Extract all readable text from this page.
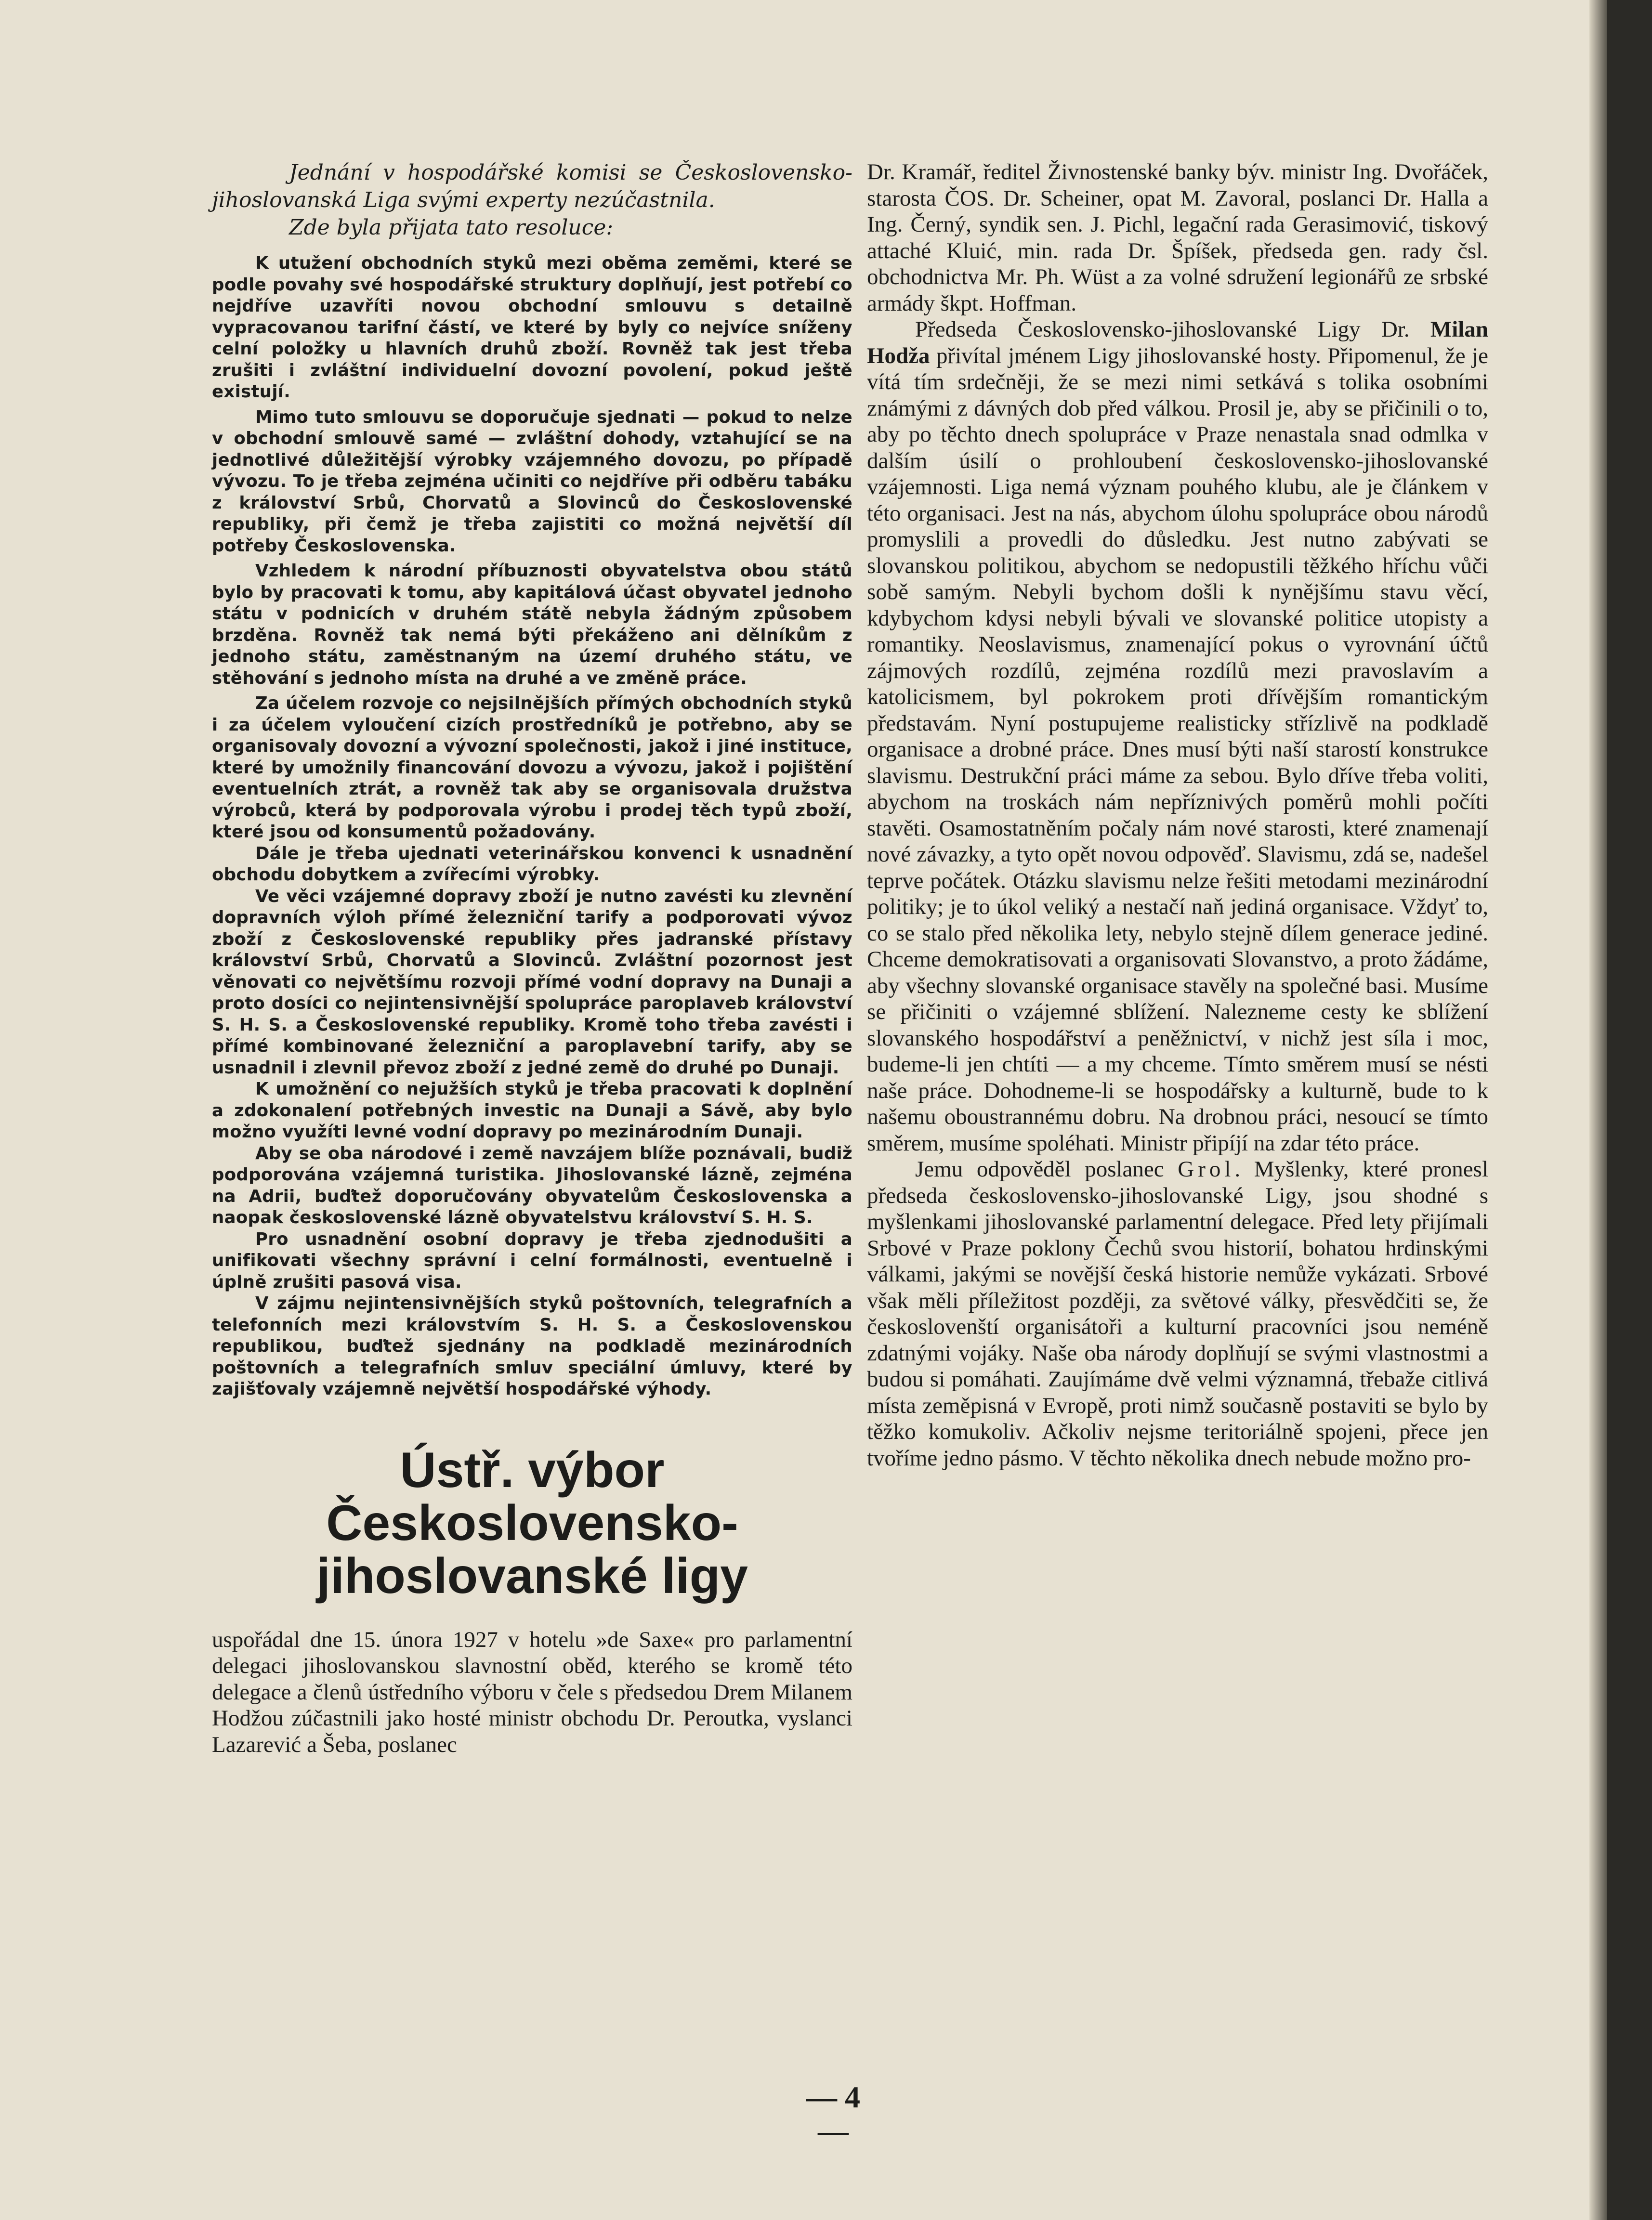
Jednání v hospodářské komisi se Československo-jihoslovanská Liga svými experty nezúčastnila.

Zde byla přijata tato resoluce:

K utužení obchodních styků mezi oběma zeměmi, které se podle povahy své hospodářské struktury doplňují, jest potřebí co nejdříve uzavříti novou obchodní smlouvu s detailně vypracovanou tarifní částí, ve které by byly co nejvíce sníženy celní položky u hlavních druhů zboží. Rovněž tak jest třeba zrušiti i zvláštní individuelní dovozní povolení, pokud ještě existují.

Mimo tuto smlouvu se doporučuje sjednati — pokud to nelze v obchodní smlouvě samé — zvláštní dohody, vztahující se na jednotlivé důležitější výrobky vzájemného dovozu, po případě vývozu. To je třeba zejména učiniti co nejdříve při odběru tabáku z království Srbů, Chorvatů a Slovinců do Československé republiky, při čemž je třeba zajistiti co možná největší díl potřeby Československa.

Vzhledem k národní příbuznosti obyvatelstva obou států bylo by pracovati k tomu, aby kapitálová účast obyvatel jednoho státu v podnicích v druhém státě nebyla žádným způsobem brzděna. Rovněž tak nemá býti překáženo ani dělníkům z jednoho státu, zaměstnaným na území druhého státu, ve stěhování s jednoho místa na druhé a ve změně práce.

Za účelem rozvoje co nejsilnějších přímých obchodních styků i za účelem vyloučení cizích prostředníků je potřebno, aby se organisovaly dovozní a vývozní společnosti, jakož i jiné instituce, které by umožnily financování dovozu a vývozu, jakož i pojištění eventuelních ztrát, a rovněž tak aby se organisovala družstva výrobců, která by podporovala výrobu i prodej těch typů zboží, které jsou od konsumentů požadovány.

Dále je třeba ujednati veterinářskou konvenci k usnadnění obchodu dobytkem a zvířecími výrobky.

Ve věci vzájemné dopravy zboží je nutno zavésti ku zlevnění dopravních výloh přímé železniční tarify a podporovati vývoz zboží z Československé republiky přes jadranské přístavy království Srbů, Chorvatů a Slovinců. Zvláštní pozornost jest věnovati co největšímu rozvoji přímé vodní dopravy na Dunaji a proto dosíci co nejintensivnější spolupráce paroplaveb království S. H. S. a Československé republiky. Kromě toho třeba zavésti i přímé kombinované železniční a paroplavební tarify, aby se usnadnil i zlevnil převoz zboží z jedné země do druhé po Dunaji.

K umožnění co nejužších styků je třeba pracovati k doplnění a zdokonalení potřebných investic na Dunaji a Sávě, aby bylo možno využíti levné vodní dopravy po mezinárodním Dunaji.

Aby se oba národové i země navzájem blíže poznávali, budiž podporována vzájemná turistika. Jihoslovanské lázně, zejména na Adrii, buďtež doporučovány obyvatelům Československa a naopak československé lázně obyvatelstvu království S. H. S.

Pro usnadnění osobní dopravy je třeba zjednodušiti a unifikovati všechny správní i celní formálnosti, eventuelně i úplně zrušiti pasová visa.

V zájmu nejintensivnějších styků poštovních, telegrafních a telefonních mezi královstvím S. H. S. a Československou republikou, buďtež sjednány na podkladě mezinárodních poštovních a telegrafních smluv speciální úmluvy, které by zajišťovaly vzájemně největší hospodářské výhody.

Ústř. výbor Československo-jihoslovanské ligy

uspořádal dne 15. února 1927 v hotelu »de Saxe« pro parlamentní delegaci jihoslovanskou slavnostní oběd, kterého se kromě této delegace a členů ústředního výboru v čele s předsedou Drem Milanem Hodžou zúčastnili jako hosté ministr obchodu Dr. Peroutka, vyslanci Lazarević a Šeba, poslanec

Dr. Kramář, ředitel Živnostenské banky býv. ministr Ing. Dvořáček, starosta ČOS. Dr. Scheiner, opat M. Zavoral, poslanci Dr. Halla a Ing. Černý, syndik sen. J. Pichl, legační rada Gerasimović, tiskový attaché Kluić, min. rada Dr. Špíšek, předseda gen. rady čsl. obchodnictva Mr. Ph. Wüst a za volné sdružení legionářů ze srbské armády škpt. Hoffman.

Předseda Československo-jihoslovanské Ligy Dr. Milan Hodža přivítal jménem Ligy jihoslovanské hosty. Připomenul, že je vítá tím srdečněji, že se mezi nimi setkává s tolika osobními známými z dávných dob před válkou. Prosil je, aby se přičinili o to, aby po těchto dnech spolupráce v Praze nenastala snad odmlka v dalším úsilí o prohloubení československo-jihoslovanské vzájemnosti. Liga nemá význam pouhého klubu, ale je článkem v této organisaci. Jest na nás, abychom úlohu spolupráce obou národů promyslili a provedli do důsledku. Jest nutno zabývati se slovanskou politikou, abychom se nedopustili těžkého hříchu vůči sobě samým. Nebyli bychom došli k nynějšímu stavu věcí, kdybychom kdysi nebyli bývali ve slovanské politice utopisty a romantiky. Neoslavismus, znamenající pokus o vyrovnání účtů zájmových rozdílů, zejména rozdílů mezi pravoslavím a katolicismem, byl pokrokem proti dřívějším romantickým představám. Nyní postupujeme realisticky střízlivě na podkladě organisace a drobné práce. Dnes musí býti naší starostí konstrukce slavismu. Destrukční práci máme za sebou. Bylo dříve třeba voliti, abychom na troskách nám nepříznivých poměrů mohli počíti stavěti. Osamostatněním počaly nám nové starosti, které znamenají nové závazky, a tyto opět novou odpověď. Slavismu, zdá se, nadešel teprve počátek. Otázku slavismu nelze řešiti metodami mezinárodní politiky; je to úkol veliký a nestačí naň jediná organisace. Vždyť to, co se stalo před několika lety, nebylo stejně dílem generace jediné. Chceme demokratisovati a organisovati Slovanstvo, a proto žádáme, aby všechny slovanské organisace stavěly na společné basi. Musíme se přičiniti o vzájemné sblížení. Nalezneme cesty ke sblížení slovanského hospodářství a peněžnictví, v nichž jest síla i moc, budeme-li jen chtíti — a my chceme. Tímto směrem musí se nésti naše práce. Dohodneme-li se hospodářsky a kulturně, bude to k našemu oboustrannému dobru. Na drobnou práci, nesoucí se tímto směrem, musíme spoléhati. Ministr připíjí na zdar této práce.

Jemu odpověděl poslanec Grol. Myšlenky, které pronesl předseda československo-jihoslovanské Ligy, jsou shodné s myšlenkami jihoslovanské parlamentní delegace. Před lety přijímali Srbové v Praze poklony Čechů svou historií, bohatou hrdinskými válkami, jakými se novější česká historie nemůže vykázati. Srbové však měli příležitost později, za světové války, přesvědčiti se, že českoslovenští organisátoři a kulturní pracovníci jsou neméně zdatnými vojáky. Naše oba národy doplňují se svými vlastnostmi a budou si pomáhati. Zaujímáme dvě velmi významná, třebaže citlivá místa zeměpisná v Evropě, proti nimž současně postaviti se bylo by těžko komukoliv. Ačkoliv nejsme teritoriálně spojeni, přece jen tvoříme jedno pásmo. V těchto několika dnech nebude možno pro-

— 4 —
